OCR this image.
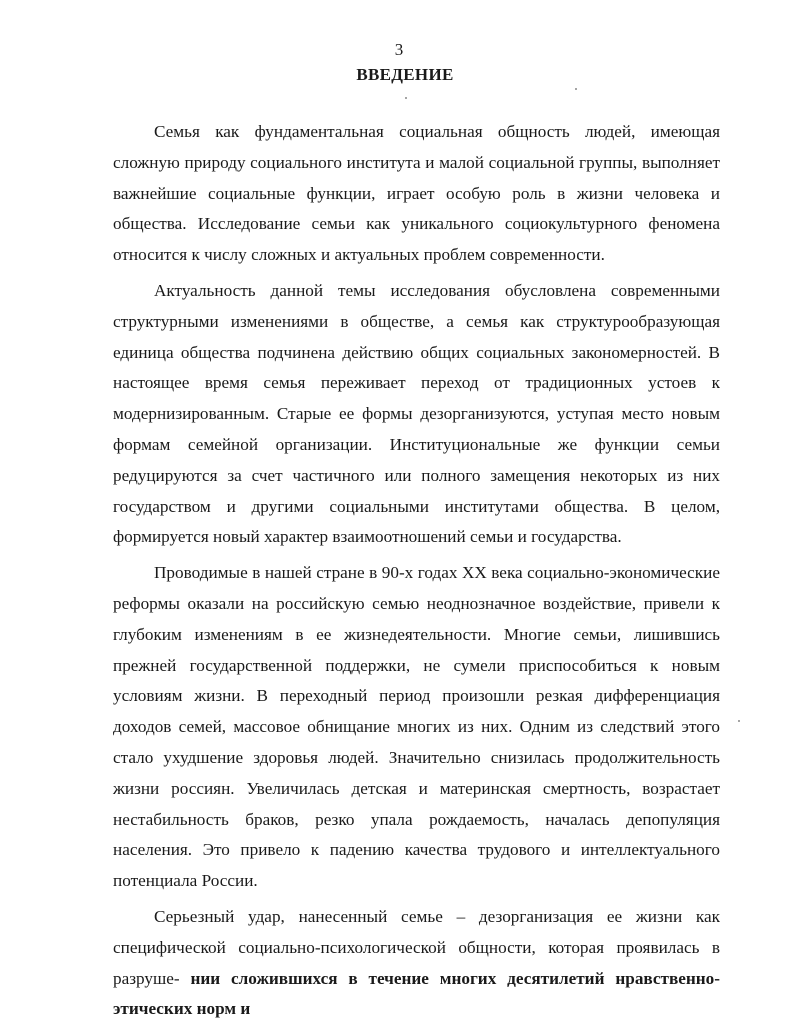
3
ВВЕДЕНИЕ

Семья как фундаментальная социальная общность людей, имеющая сложную природу социального института и малой социальной группы, выполняет важнейшие социальные функции, играет особую роль в жизни человека и общества. Исследование семьи как уникального социокультурного феномена относится к числу сложных и актуальных проблем современности.

Актуальность данной темы исследования обусловлена современными структурными изменениями в обществе, а семья как структурообразующая единица общества подчинена действию общих социальных закономерностей. В настоящее время семья переживает переход от традиционных устоев к модернизированным. Старые ее формы дезорганизуются, уступая место новым формам семейной организации. Институциональные же функции семьи редуцируются за счет частичного или полного замещения некоторых из них государством и другими социальными институтами общества. В целом, формируется новый характер взаимоотношений семьи и государства.

Проводимые в нашей стране в 90-х годах XX века социально-экономические реформы оказали на российскую семью неоднозначное воздействие, привели к глубоким изменениям в ее жизнедеятельности. Многие семьи, лишившись прежней государственной поддержки, не сумели приспособиться к новым условиям жизни. В переходный период произошли резкая дифференциация доходов семей, массовое обнищание многих из них. Одним из следствий этого стало ухудшение здоровья людей. Значительно снизилась продолжительность жизни россиян. Увеличилась детская и материнская смертность, возрастает нестабильность браков, резко упала рождаемость, началась депопуляция населения. Это привело к падению качества трудового и интеллектуального потенциала России.

Серьезный удар, нанесенный семье – дезорганизация ее жизни как специфической социально-психологической общности, которая проявилась в разруше- нии сложившихся в течение многих десятилетий нравственно-этических норм и
